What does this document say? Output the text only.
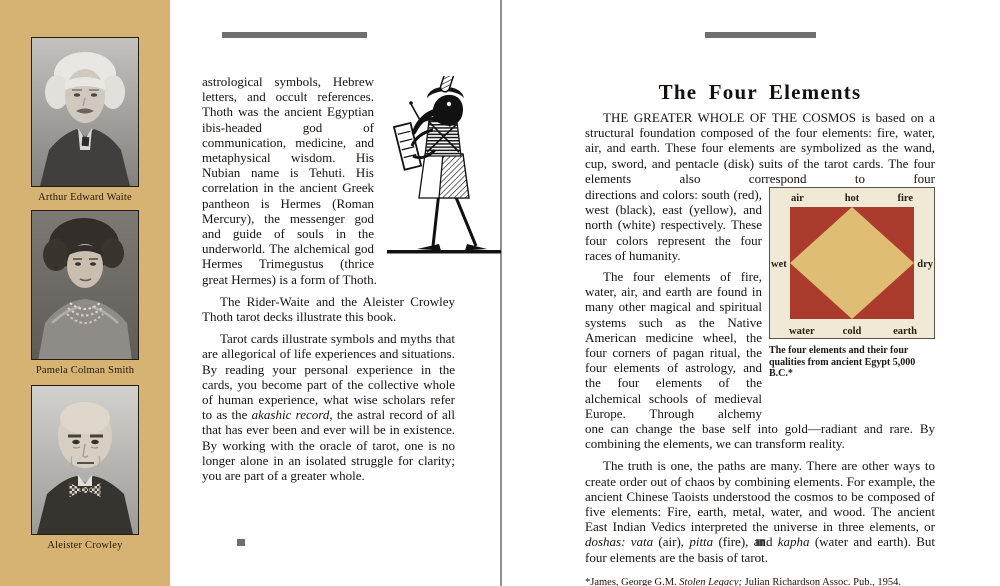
Arthur Edward Waite
Pamela Colman Smith
Aleister Crowley

astrological symbols, Hebrew letters, and occult references. Thoth was the ancient Egyptian ibis-headed god of communication, medicine, and metaphysical wisdom. His Nubian name is Tehuti. His correlation in the ancient Greek pantheon is Hermes (Roman Mercury), the messenger god and guide of souls in the underworld. The alchemical god Hermes Trimegustus (thrice great Hermes) is a form of Thoth.

The Rider-Waite and the Aleister Crowley Thoth tarot decks illustrate this book.

Tarot cards illustrate symbols and myths that are allegorical of life experiences and situations. By reading your personal experience in the cards, you become part of the collective whole of human experience, what wise scholars refer to as the akashic record, the astral record of all that has ever been and ever will be in existence. By working with the oracle of tarot, one is no longer alone in an isolated struggle for clarity; you are part of a greater whole.

The Four Elements

THE GREATER WHOLE OF THE COSMOS is based on a structural foundation composed of the four elements: fire, water, air, and earth. These four elements are symbolized as the wand, cup, sword, and pentacle (disk) suits of the tarot cards. The four elements also correspond to four

directions and colors: south (red), west (black), east (yellow), and north (white) respectively. These four colors represent the four races of humanity.

The four elements of fire, water, air, and earth are found in many other magical and spiritual systems such as the Native American medicine wheel, the four corners of pagan ritual, the four elements of astrology, and the four elements of the alchemical schools of medieval Europe. Through alchemy

air	hot	fire
wet	dry
water	cold	earth
The four elements and their four qualities from ancient Egypt 5,000 B.C.*

one can change the base self into gold—radiant and rare. By combining the elements, we can transform reality.

The truth is one, the paths are many. There are other ways to create order out of chaos by combining elements. For example, the ancient Chinese Taoists understood the cosmos to be composed of five elements: Fire, earth, metal, water, and wood. The ancient East Indian Vedics interpreted the universe in three elements, or doshas: vata (air), pitta (fire), and kapha (water and earth). But four elements are the basis of tarot.

*James, George G.M. Stolen Legacy; Julian Richardson Assoc. Pub., 1954.
